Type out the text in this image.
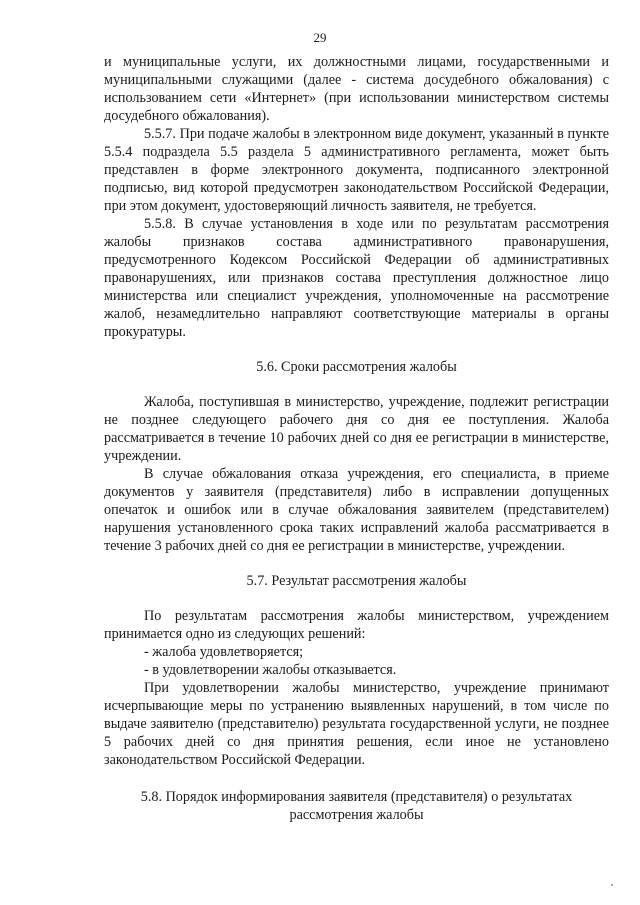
29

и муниципальные услуги, их должностными лицами, государственными и муниципальными служащими (далее - система досудебного обжалования) с использованием сети «Интернет» (при использовании министерством системы досудебного обжалования).

5.5.7. При подаче жалобы в электронном виде документ, указанный в пункте 5.5.4 подраздела 5.5 раздела 5 административного регламента, может быть представлен в форме электронного документа, подписанного электронной подписью, вид которой предусмотрен законодательством Российской Федерации, при этом документ, удостоверяющий личность заявителя, не требуется.

5.5.8. В случае установления в ходе или по результатам рассмотрения жалобы признаков состава административного правонарушения, предусмотренного Кодексом Российской Федерации об административных правонарушениях, или признаков состава преступления должностное лицо министерства или специалист учреждения, уполномоченные на рассмотрение жалоб, незамедлительно направляют соответствующие материалы в органы прокуратуры.

5.6. Сроки рассмотрения жалобы

Жалоба, поступившая в министерство, учреждение, подлежит регистрации не позднее следующего рабочего дня со дня ее поступления. Жалоба рассматривается в течение 10 рабочих дней со дня ее регистрации в министерстве, учреждении.

В случае обжалования отказа учреждения, его специалиста, в приеме документов у заявителя (представителя) либо в исправлении допущенных опечаток и ошибок или в случае обжалования заявителем (представителем) нарушения установленного срока таких исправлений жалоба рассматривается в течение 3 рабочих дней со дня ее регистрации в министерстве, учреждении.

5.7. Результат рассмотрения жалобы

По результатам рассмотрения жалобы министерством, учреждением принимается одно из следующих решений:

- жалоба удовлетворяется;

- в удовлетворении жалобы отказывается.

При удовлетворении жалобы министерство, учреждение принимают исчерпывающие меры по устранению выявленных нарушений, в том числе по выдаче заявителю (представителю) результата государственной услуги, не позднее 5 рабочих дней со дня принятия решения, если иное не установлено законодательством Российской Федерации.

5.8. Порядок информирования заявителя (представителя) о результатах
рассмотрения жалобы
